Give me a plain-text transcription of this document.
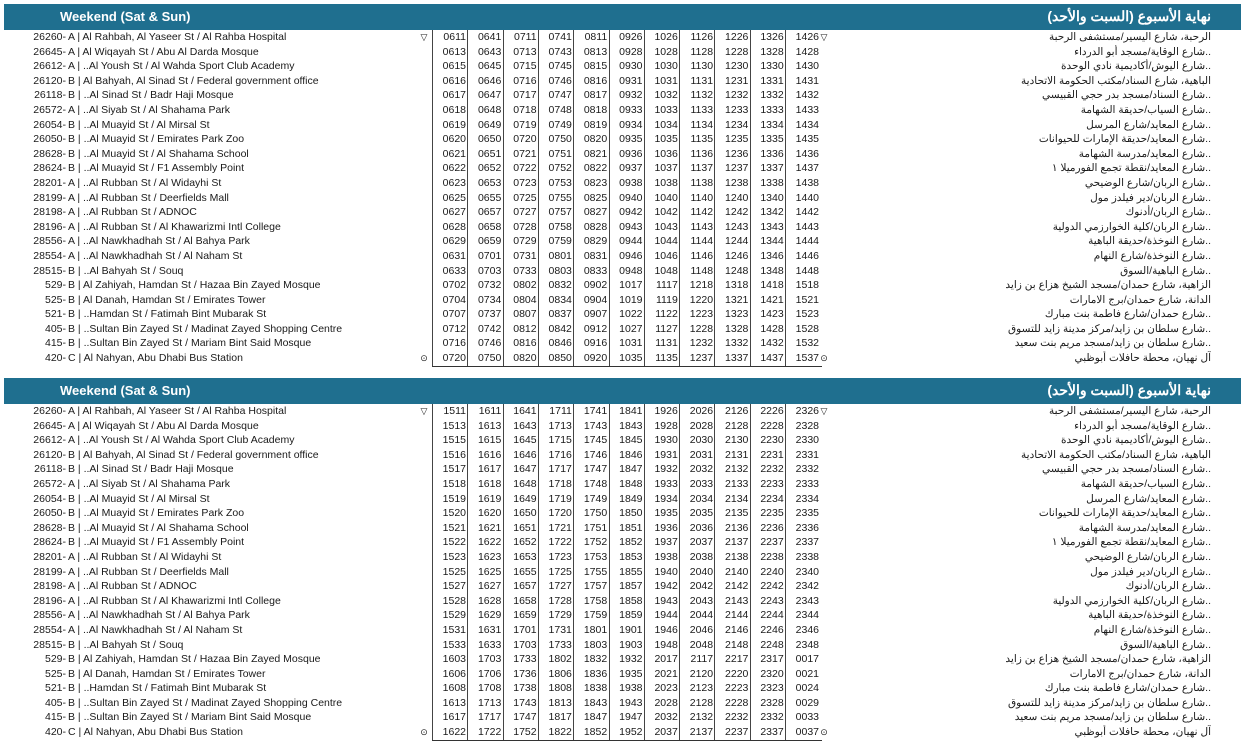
Weekend (Sat & Sun)	نهاية الأسبوع (السبت والأحد)
26260- A | Al Rahbah, Al Yaseer St / Al Rahba Hospital	▽	0611	0641	0711	0741	0811	0926	1026	1126	1226	1326	1426 ▽	الرحبة، شارع اليسير/مستشفى الرحبة
26645- A | Al Wiqayah St / Abu Al Darda Mosque	0613	0643	0713	0743	0813	0928	1028	1128	1228	1328	1428	..شارع الوقاية/مسجد أبو الدرداء
26612- A | ..Al Yoush St / Al Wahda Sport Club Academy	0615	0645	0715	0745	0815	0930	1030	1130	1230	1330	1430	..شارع اليوش/أكاديمية نادي الوحدة
26120- B | Al Bahyah, Al Sinad St / Federal government office	0616	0646	0716	0746	0816	0931	1031	1131	1231	1331	1431	الباهية، شارع السناد/مكتب الحكومة الاتحادية
26118- B | ..Al Sinad St / Badr Haji Mosque	0617	0647	0717	0747	0817	0932	1032	1132	1232	1332	1432	..شارع السناد/مسجد بدر حجي القبيسي
26572- A | ..Al Siyab St / Al Shahama Park	0618	0648	0718	0748	0818	0933	1033	1133	1233	1333	1433	..شارع السياب/حديقة الشهامة
26054- B | ..Al Muayid St / Al Mirsal St	0619	0649	0719	0749	0819	0934	1034	1134	1234	1334	1434	..شارع المعايد/شارع المرسل
26050- B | ..Al Muayid St / Emirates Park Zoo	0620	0650	0720	0750	0820	0935	1035	1135	1235	1335	1435	..شارع المعايد/حديقة الإمارات للحيوانات
28628- B | ..Al Muayid St / Al Shahama School	0621	0651	0721	0751	0821	0936	1036	1136	1236	1336	1436	..شارع المعايد/مدرسة الشهامة
28624- B | ..Al Muayid St / F1 Assembly Point	0622	0652	0722	0752	0822	0937	1037	1137	1237	1337	1437	..شارع المعايد/نقطة تجمع الفورميلا ١
28201- A | ..Al Rubban St / Al Widayhi St	0623	0653	0723	0753	0823	0938	1038	1138	1238	1338	1438	..شارع الربان/شارع الوضيحي
28199- A | ..Al Rubban St / Deerfields Mall	0625	0655	0725	0755	0825	0940	1040	1140	1240	1340	1440	..شارع الربان/دير فيلدز مول
28198- A | ..Al Rubban St / ADNOC	0627	0657	0727	0757	0827	0942	1042	1142	1242	1342	1442	..شارع الربان/أدنوك
28196- A | ..Al Rubban St / Al Khawarizmi Intl College	0628	0658	0728	0758	0828	0943	1043	1143	1243	1343	1443	..شارع الربان/كلية الخوارزمي الدولية
28556- A | ..Al Nawkhadhah St / Al Bahya Park	0629	0659	0729	0759	0829	0944	1044	1144	1244	1344	1444	..شارع النوخذة/حديقة الباهية
28554- A | ..Al Nawkhadhah St / Al Naham St	0631	0701	0731	0801	0831	0946	1046	1146	1246	1346	1446	..شارع النوخذة/شارع النهام
28515- B | ..Al Bahyah St / Souq	0633	0703	0733	0803	0833	0948	1048	1148	1248	1348	1448	..شارع الباهية/السوق
529- B | Al Zahiyah, Hamdan St / Hazaa Bin Zayed Mosque	0702	0732	0802	0832	0902	1017	1117	1218	1318	1418	1518	الزاهية، شارع حمدان/مسجد الشيخ هزاع بن زايد
525- B | Al Danah, Hamdan St / Emirates Tower	0704	0734	0804	0834	0904	1019	1119	1220	1321	1421	1521	الدانة، شارع حمدان/برج الامارات
521- B | ..Hamdan St / Fatimah Bint Mubarak St	0707	0737	0807	0837	0907	1022	1122	1223	1323	1423	1523	..شارع حمدان/شارع فاطمة بنت مبارك
405- B | ..Sultan Bin Zayed St / Madinat Zayed Shopping Centre	0712	0742	0812	0842	0912	1027	1127	1228	1328	1428	1528	..شارع سلطان بن زايد/مركز مدينة زايد للتسوق
415- B | ..Sultan Bin Zayed St / Mariam Bint Said Mosque	0716	0746	0816	0846	0916	1031	1131	1232	1332	1432	1532	..شارع سلطان بن زايد/مسجد مريم بنت سعيد
420- C | Al Nahyan, Abu Dhabi Bus Station	⊙	0720	0750	0820	0850	0920	1035	1135	1237	1337	1437	1537 ⊙	آل نهيان، محطة حافلات أبوظبي
Weekend (Sat & Sun)	نهاية الأسبوع (السبت والأحد)
26260- A | Al Rahbah, Al Yaseer St / Al Rahba Hospital	▽	1511	1611	1641	1711	1741	1841	1926	2026	2126	2226	2326 ▽	الرحبة، شارع اليسير/مستشفى الرحبة
26645- A | Al Wiqayah St / Abu Al Darda Mosque	1513	1613	1643	1713	1743	1843	1928	2028	2128	2228	2328	..شارع الوقاية/مسجد أبو الدرداء
26612- A | ..Al Yoush St / Al Wahda Sport Club Academy	1515	1615	1645	1715	1745	1845	1930	2030	2130	2230	2330	..شارع اليوش/أكاديمية نادي الوحدة
26120- B | Al Bahyah, Al Sinad St / Federal government office	1516	1616	1646	1716	1746	1846	1931	2031	2131	2231	2331	الباهية، شارع السناد/مكتب الحكومة الاتحادية
26118- B | ..Al Sinad St / Badr Haji Mosque	1517	1617	1647	1717	1747	1847	1932	2032	2132	2232	2332	..شارع السناد/مسجد بدر حجي القبيسي
26572- A | ..Al Siyab St / Al Shahama Park	1518	1618	1648	1718	1748	1848	1933	2033	2133	2233	2333	..شارع السياب/حديقة الشهامة
26054- B | ..Al Muayid St / Al Mirsal St	1519	1619	1649	1719	1749	1849	1934	2034	2134	2234	2334	..شارع المعايد/شارع المرسل
26050- B | ..Al Muayid St / Emirates Park Zoo	1520	1620	1650	1720	1750	1850	1935	2035	2135	2235	2335	..شارع المعايد/حديقة الإمارات للحيوانات
28628- B | ..Al Muayid St / Al Shahama School	1521	1621	1651	1721	1751	1851	1936	2036	2136	2236	2336	..شارع المعايد/مدرسة الشهامة
28624- B | ..Al Muayid St / F1 Assembly Point	1522	1622	1652	1722	1752	1852	1937	2037	2137	2237	2337	..شارع المعايد/نقطة تجمع الفورميلا ١
28201- A | ..Al Rubban St / Al Widayhi St	1523	1623	1653	1723	1753	1853	1938	2038	2138	2238	2338	..شارع الربان/شارع الوضيحي
28199- A | ..Al Rubban St / Deerfields Mall	1525	1625	1655	1725	1755	1855	1940	2040	2140	2240	2340	..شارع الربان/دير فيلدز مول
28198- A | ..Al Rubban St / ADNOC	1527	1627	1657	1727	1757	1857	1942	2042	2142	2242	2342	..شارع الربان/أدنوك
28196- A | ..Al Rubban St / Al Khawarizmi Intl College	1528	1628	1658	1728	1758	1858	1943	2043	2143	2243	2343	..شارع الربان/كلية الخوارزمي الدولية
28556- A | ..Al Nawkhadhah St / Al Bahya Park	1529	1629	1659	1729	1759	1859	1944	2044	2144	2244	2344	..شارع النوخذة/حديقة الباهية
28554- A | ..Al Nawkhadhah St / Al Naham St	1531	1631	1701	1731	1801	1901	1946	2046	2146	2246	2346	..شارع النوخذة/شارع النهام
28515- B | ..Al Bahyah St / Souq	1533	1633	1703	1733	1803	1903	1948	2048	2148	2248	2348	..شارع الباهية/السوق
529- B | Al Zahiyah, Hamdan St / Hazaa Bin Zayed Mosque	1603	1703	1733	1802	1832	1932	2017	2117	2217	2317	0017	الزاهية، شارع حمدان/مسجد الشيخ هزاع بن زايد
525- B | Al Danah, Hamdan St / Emirates Tower	1606	1706	1736	1806	1836	1935	2021	2120	2220	2320	0021	الدانة، شارع حمدان/برج الامارات
521- B | ..Hamdan St / Fatimah Bint Mubarak St	1608	1708	1738	1808	1838	1938	2023	2123	2223	2323	0024	..شارع حمدان/شارع فاطمة بنت مبارك
405- B | ..Sultan Bin Zayed St / Madinat Zayed Shopping Centre	1613	1713	1743	1813	1843	1943	2028	2128	2228	2328	0029	..شارع سلطان بن زايد/مركز مدينة زايد للتسوق
415- B | ..Sultan Bin Zayed St / Mariam Bint Said Mosque	1617	1717	1747	1817	1847	1947	2032	2132	2232	2332	0033	..شارع سلطان بن زايد/مسجد مريم بنت سعيد
420- C | Al Nahyan, Abu Dhabi Bus Station	⊙	1622	1722	1752	1822	1852	1952	2037	2137	2237	2337	0037 ⊙	آل نهيان، محطة حافلات أبوظبي
